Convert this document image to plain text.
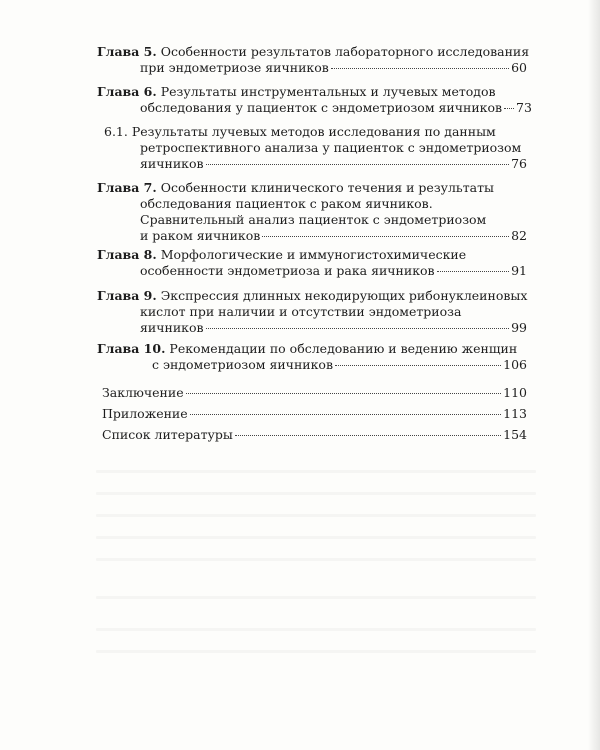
Глава 5. Особенности результатов лабораторного исследования
при эндометриозе яичников	60
Глава 6. Результаты инструментальных и лучевых методов
обследования у пациенток с эндометриозом яичников 73
6.1. Результаты лучевых методов исследования по данным
ретроспективного анализа у пациенток с эндометриозом
яичников	76
Глава 7. Особенности клинического течения и результаты
обследования пациенток с раком яичников.
Сравнительный анализ пациенток с эндометриозом
и раком яичников	82
Глава 8. Морфологические и иммуногистохимические
особенности эндометриоза и рака яичников	91
Глава 9. Экспрессия длинных некодирующих рибонуклеиновых
кислот при наличии и отсутствии эндометриоза
яичников	99
Глава 10. Рекомендации по обследованию и ведению женщин
с эндометриозом яичников	106
Заключение	110
Приложение	113
Список литературы	154
